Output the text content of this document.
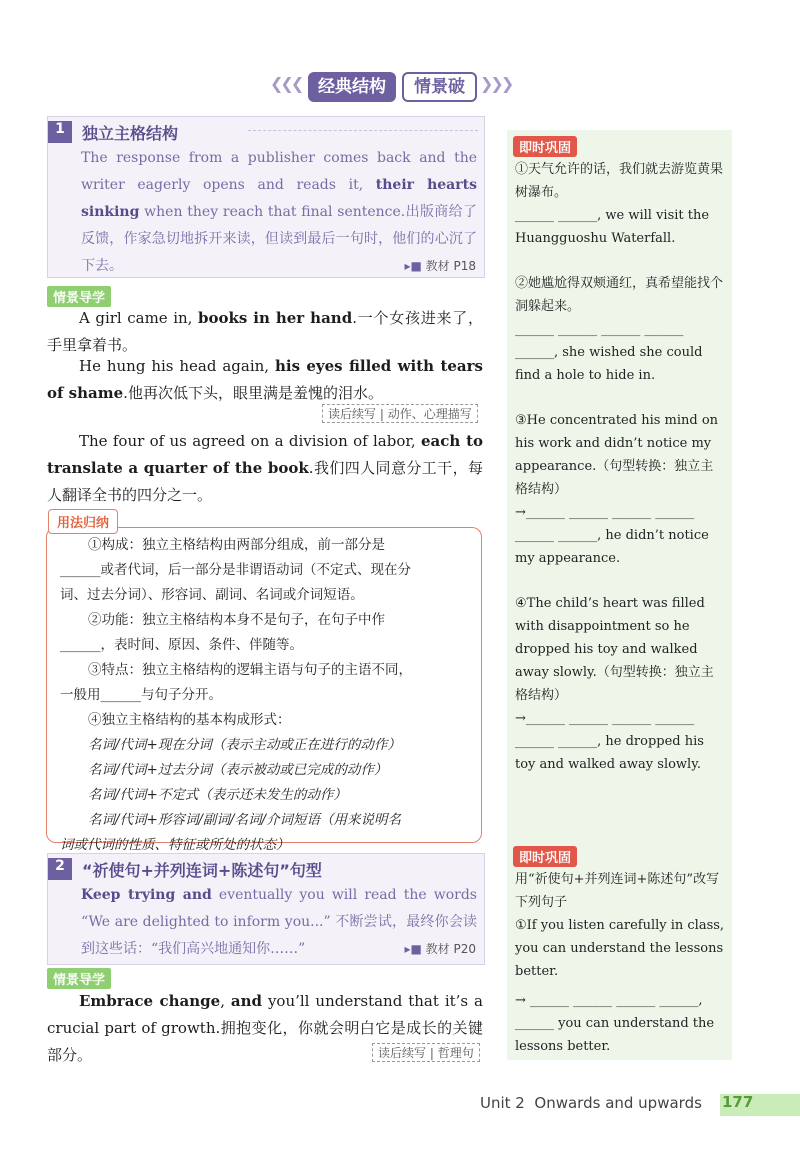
❮❮❮ 经典结构	情景破 ❯❯❯
1	独立主格结构
The response from a publisher comes back and the writer eagerly opens and reads it, their hearts sinking when they reach that final sentence.出版商给了反馈，作家急切地拆开来读，但读到最后一句时，他们的心沉了下去。	▸■ 教材 P18
情景导学
A girl came in, books in her hand.一个女孩进来了，手里拿着书。
He hung his head again, his eyes filled with tears of shame.他再次低下头，眼里满是羞愧的泪水。
读后续写 | 动作、心理描写
The four of us agreed on a division of labor, each to translate a quarter of the book.我们四人同意分工干，每人翻译全书的四分之一。
用法归纳
①构成：独立主格结构由两部分组成，前一部分是
______或者代词，后一部分是非谓语动词（不定式、现在分
词、过去分词）、形容词、副词、名词或介词短语。
②功能：独立主格结构本身不是句子，在句子中作
______，表时间、原因、条件、伴随等。
③特点：独立主格结构的逻辑主语与句子的主语不同，
一般用______与句子分开。
④独立主格结构的基本构成形式：
名词/代词+现在分词（表示主动或正在进行的动作）
名词/代词+过去分词（表示被动或已完成的动作）
名词/代词+不定式（表示还未发生的动作）
名词/代词+形容词/副词/名词/介词短语（用来说明名
词或代词的性质、特征或所处的状态）
2	“祈使句+并列连词+陈述句”句型
Keep trying and eventually you will read the words “We are delighted to inform you...” 不断尝试，最终你会读到这些话：“我们高兴地通知你……”	▸■ 教材 P20
情景导学
Embrace change, and you’ll understand that it’s a crucial part of growth.拥抱变化，你就会明白它是成长的关键部分。	读后续写 | 哲理句
即时巩固
①天气允许的话，我们就去游览黄果树瀑布。
______ ______, we will visit the Huangguoshu Waterfall.
②她尴尬得双颊通红，真希望能找个洞躲起来。
______ ______ ______ ______ ______, she wished she could find a hole to hide in.
③He concentrated his mind on his work and didn’t notice my appearance.（句型转换：独立主格结构）
→______ ______ ______ ______ ______ ______, he didn’t notice my appearance.
④The child’s heart was filled with disappointment so he dropped his toy and walked away slowly.（句型转换：独立主格结构）
→______ ______ ______ ______ ______ ______, he dropped his toy and walked away slowly.
即时巩固
用“祈使句+并列连词+陈述句”改写下列句子
①If you listen carefully in class, you can understand the lessons better.
→ ______ ______ ______ ______, ______ you can understand the lessons better.
Unit 2 Onwards and upwards 177
